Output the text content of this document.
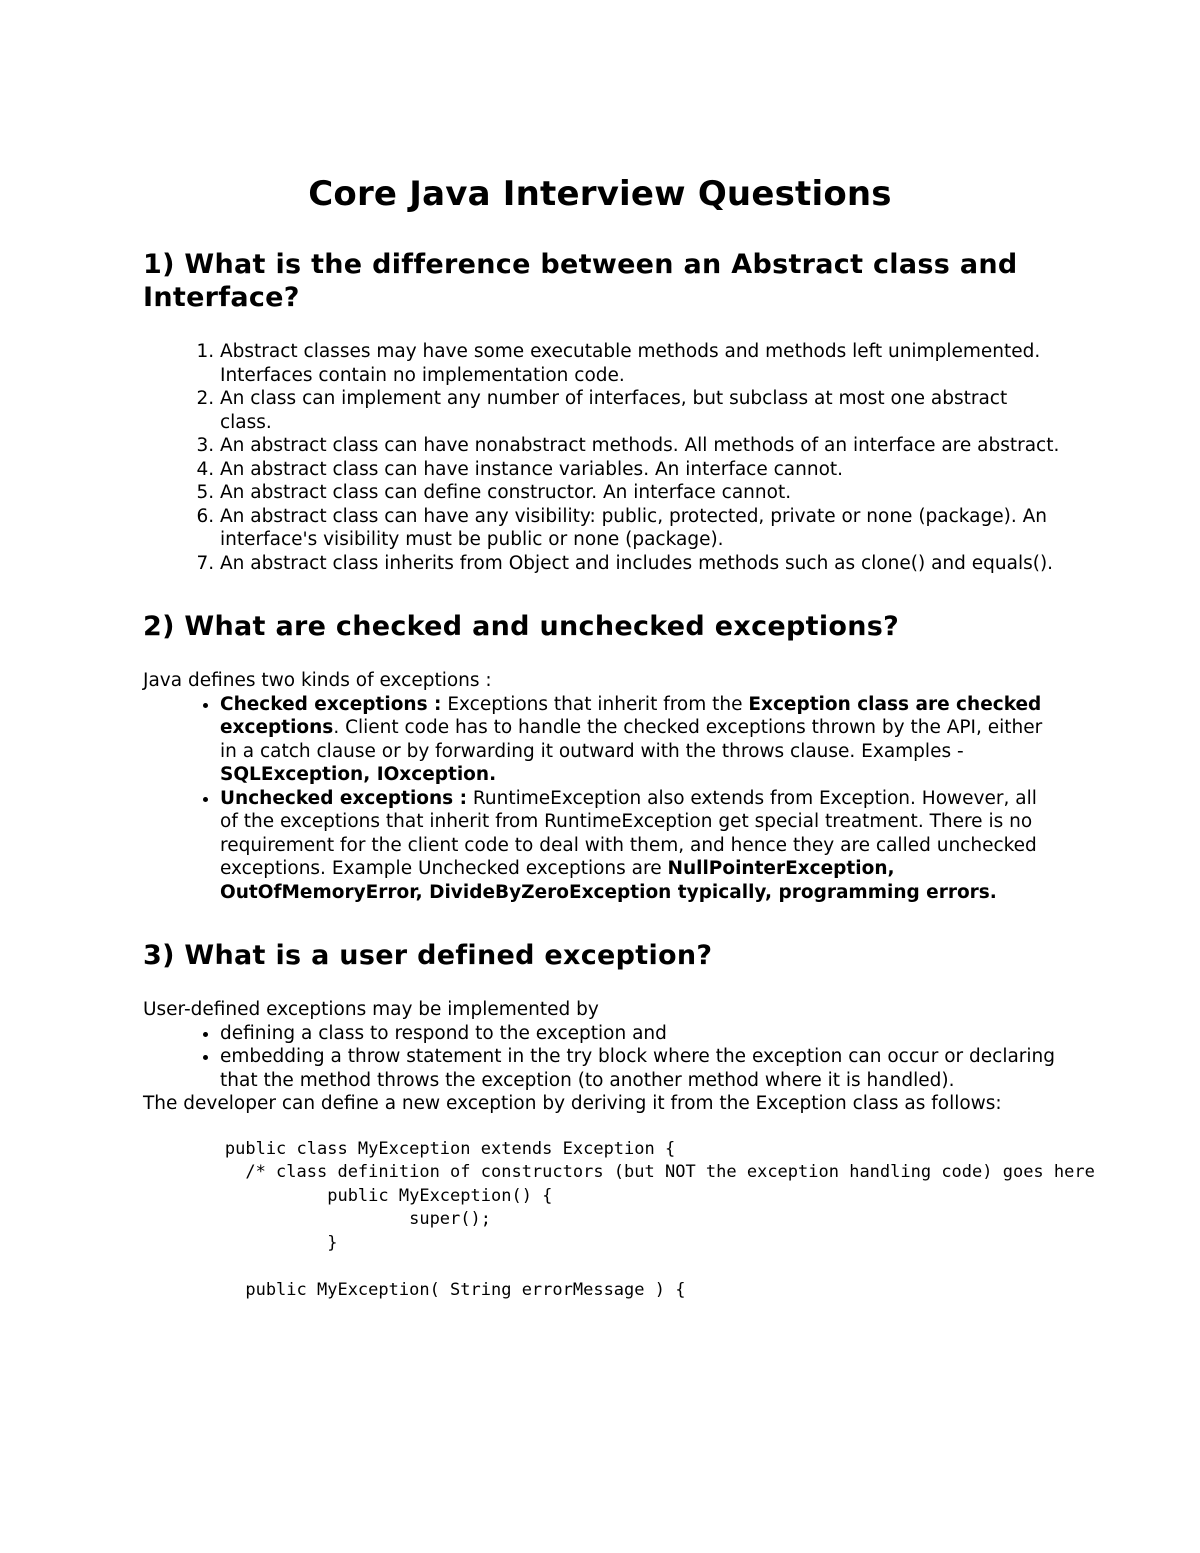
Core Java Interview Questions
1) What is the difference between an Abstract class and Interface?
1. Abstract classes may have some executable methods and methods left unimplemented. Interfaces contain no implementation code.
2. An class can implement any number of interfaces, but subclass at most one abstract class.
3. An abstract class can have nonabstract methods. All methods of an interface are abstract.
4. An abstract class can have instance variables. An interface cannot.
5. An abstract class can define constructor. An interface cannot.
6. An abstract class can have any visibility: public, protected, private or none (package). An interface's visibility must be public or none (package).
7. An abstract class inherits from Object and includes methods such as clone() and equals().
2) What are checked and unchecked exceptions?

Java defines two kinds of exceptions :

• Checked exceptions : Exceptions that inherit from the Exception class are checked exceptions. Client code has to handle the checked exceptions thrown by the API, either in a catch clause or by forwarding it outward with the throws clause. Examples - SQLException, IOxception.
• Unchecked exceptions : RuntimeException also extends from Exception. However, all of the exceptions that inherit from RuntimeException get special treatment. There is no requirement for the client code to deal with them, and hence they are called unchecked exceptions. Example Unchecked exceptions are NullPointerException, OutOfMemoryError, DivideByZeroException typically, programming errors.
3) What is a user defined exception?

User-defined exceptions may be implemented by

• defining a class to respond to the exception and
• embedding a throw statement in the try block where the exception can occur or declaring that the method throws the exception (to another method where it is handled).

The developer can define a new exception by deriving it from the Exception class as follows:

public class MyException extends Exception {
/* class definition of constructors (but NOT the exception handling code) goes here
public MyException() {
super();
}

public MyException( String errorMessage ) {
